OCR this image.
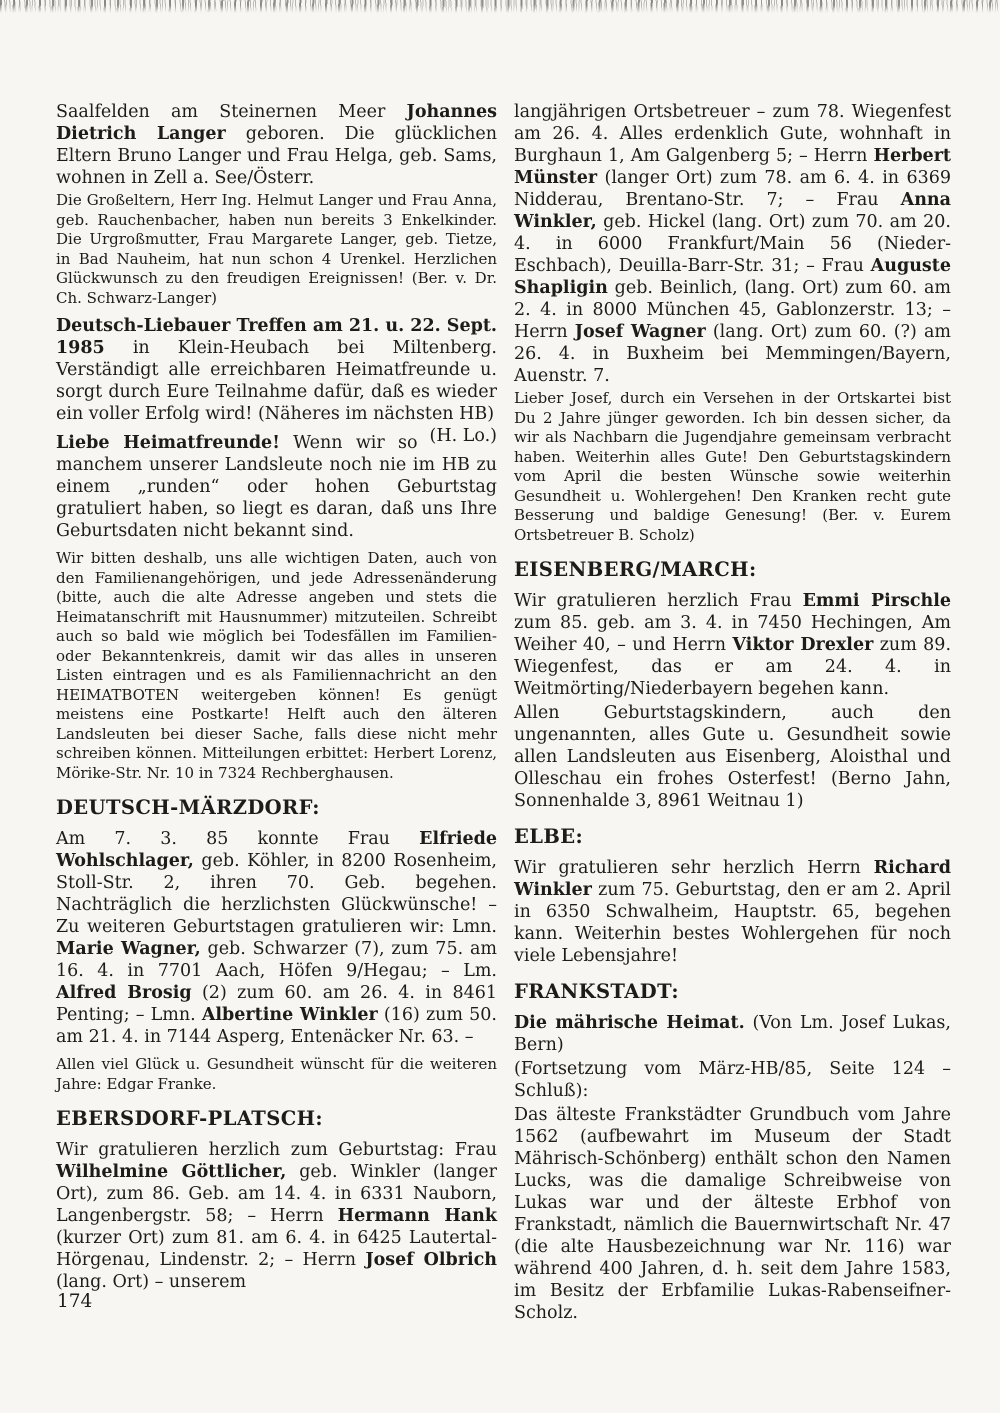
Saalfelden am Steinernen Meer Johannes Dietrich Langer geboren. Die glücklichen Eltern Bruno Langer und Frau Helga, geb. Sams, wohnen in Zell a. See/Österr.

Die Großeltern, Herr Ing. Helmut Langer und Frau Anna, geb. Rauchenbacher, haben nun bereits 3 Enkelkinder. Die Urgroßmutter, Frau Margarete Langer, geb. Tietze, in Bad Nauheim, hat nun schon 4 Urenkel. Herzlichen Glückwunsch zu den freudigen Ereignissen! (Ber. v. Dr. Ch. Schwarz-Langer)

Deutsch-Liebauer Treffen am 21. u. 22. Sept. 1985 in Klein-Heubach bei Miltenberg. Verständigt alle erreichbaren Heimatfreunde u. sorgt durch Eure Teilnahme dafür, daß es wieder ein voller Erfolg wird! (Näheres im nächsten HB)
(H. Lo.)

Liebe Heimatfreunde! Wenn wir so manchem unserer Landsleute noch nie im HB zu einem „runden“ oder hohen Geburtstag gratuliert haben, so liegt es daran, daß uns Ihre Geburtsdaten nicht bekannt sind.

Wir bitten deshalb, uns alle wichtigen Daten, auch von den Familienangehörigen, und jede Adressenänderung (bitte, auch die alte Adresse angeben und stets die Heimatanschrift mit Hausnummer) mitzuteilen. Schreibt auch so bald wie möglich bei Todesfällen im Familien- oder Bekanntenkreis, damit wir das alles in unseren Listen eintragen und es als Familiennachricht an den HEIMATBOTEN weitergeben können! Es genügt meistens eine Postkarte! Helft auch den älteren Landsleuten bei dieser Sache, falls diese nicht mehr schreiben können. Mitteilungen erbittet: Herbert Lorenz, Mörike-Str. Nr. 10 in 7324 Rechberghausen.

DEUTSCH-MÄRZDORF:

Am 7. 3. 85 konnte Frau Elfriede Wohlschlager, geb. Köhler, in 8200 Rosenheim, Stoll-Str. 2, ihren 70. Geb. begehen. Nachträglich die herzlichsten Glückwünsche! – Zu weiteren Geburtstagen gratulieren wir: Lmn. Marie Wagner, geb. Schwarzer (7), zum 75. am 16. 4. in 7701 Aach, Höfen 9/Hegau; – Lm. Alfred Brosig (2) zum 60. am 26. 4. in 8461 Penting; – Lmn. Albertine Winkler (16) zum 50. am 21. 4. in 7144 Asperg, Entenäcker Nr. 63. –

Allen viel Glück u. Gesundheit wünscht für die weiteren Jahre: Edgar Franke.

EBERSDORF-PLATSCH:

Wir gratulieren herzlich zum Geburtstag: Frau Wilhelmine Göttlicher, geb. Winkler (langer Ort), zum 86. Geb. am 14. 4. in 6331 Nauborn, Langenbergstr. 58; – Herrn Hermann Hank (kurzer Ort) zum 81. am 6. 4. in 6425 Lautertal-Hörgenau, Lindenstr. 2; – Herrn Josef Olbrich (lang. Ort) – unserem

langjährigen Ortsbetreuer – zum 78. Wiegenfest am 26. 4. Alles erdenklich Gute, wohnhaft in Burghaun 1, Am Galgenberg 5; – Herrn Herbert Münster (langer Ort) zum 78. am 6. 4. in 6369 Nidderau, Brentano-Str. 7; – Frau Anna Winkler, geb. Hickel (lang. Ort) zum 70. am 20. 4. in 6000 Frankfurt/Main 56 (Nieder-Eschbach), Deuilla-Barr-Str. 31; – Frau Auguste Shapligin geb. Beinlich, (lang. Ort) zum 60. am 2. 4. in 8000 München 45, Gablonzerstr. 13; – Herrn Josef Wagner (lang. Ort) zum 60. (?) am 26. 4. in Buxheim bei Memmingen/Bayern, Auenstr. 7.

Lieber Josef, durch ein Versehen in der Ortskartei bist Du 2 Jahre jünger geworden. Ich bin dessen sicher, da wir als Nachbarn die Jugendjahre gemeinsam verbracht haben. Weiterhin alles Gute! Den Geburtstagskindern vom April die besten Wünsche sowie weiterhin Gesundheit u. Wohlergehen! Den Kranken recht gute Besserung und baldige Genesung! (Ber. v. Eurem Ortsbetreuer B. Scholz)

EISENBERG/MARCH:

Wir gratulieren herzlich Frau Emmi Pirschle zum 85. geb. am 3. 4. in 7450 Hechingen, Am Weiher 40, – und Herrn Viktor Drexler zum 89. Wiegenfest, das er am 24. 4. in Weitmörting/Niederbayern begehen kann.

Allen Geburtstagskindern, auch den ungenannten, alles Gute u. Gesundheit sowie allen Landsleuten aus Eisenberg, Aloisthal und Olleschau ein frohes Osterfest! (Berno Jahn, Sonnenhalde 3, 8961 Weitnau 1)

ELBE:

Wir gratulieren sehr herzlich Herrn Richard Winkler zum 75. Geburtstag, den er am 2. April in 6350 Schwalheim, Hauptstr. 65, begehen kann. Weiterhin bestes Wohlergehen für noch viele Lebensjahre!

FRANKSTADT:

Die mährische Heimat. (Von Lm. Josef Lukas, Bern)

(Fortsetzung vom März-HB/85, Seite 124 – Schluß):

Das älteste Frankstädter Grundbuch vom Jahre 1562 (aufbewahrt im Museum der Stadt Mährisch-Schönberg) enthält schon den Namen Lucks, was die damalige Schreibweise von Lukas war und der älteste Erbhof von Frankstadt, nämlich die Bauernwirtschaft Nr. 47 (die alte Hausbezeichnung war Nr. 116) war während 400 Jahren, d. h. seit dem Jahre 1583, im Besitz der Erbfamilie Lukas-Rabenseifner-Scholz.

174
